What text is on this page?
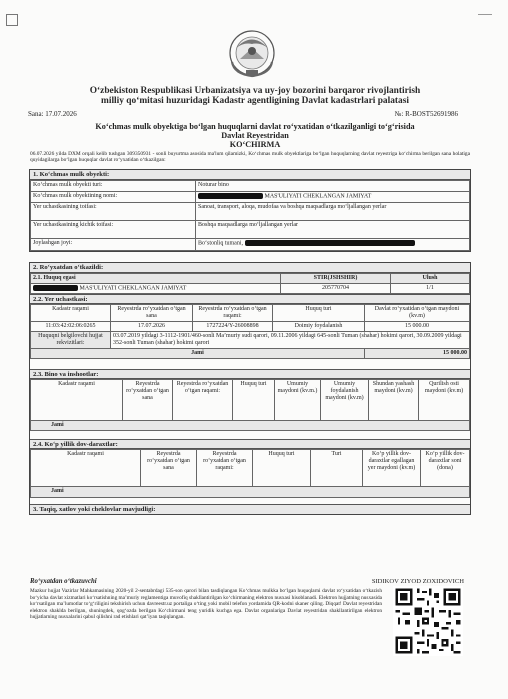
O‘zbekiston Respublikasi Urbanizatsiya va uy-joy bozorini barqaror rivojlantirish
milliy qo‘mitasi huzuridagi Kadastr agentligining Davlat kadastrlari palatasi
Sana: 17.07.2026	№: R-BOST52691986
Ko‘chmas mulk obyektiga bo‘lgan huquqlarni davlat ro‘yxatidan o‘tkazilganligi to‘g‘risida
Davlat Reyestridan
KO‘CHIRMA
06.07.2026 yilda DXM orqali kelib tushgan 309350931 - sonli buyurtma asosida ma'lum qilamizki, Ko‘chmas mulk obyektlariga bo‘lgan huquqlarning davlat reyestriga ko‘chirma berilgan sana holatiga quyidagilarga bo‘lgan huquqlar davlat ro‘yxatidan o‘tkazilgan:
1. Ko‘chmas mulk obyekti:
Ko‘chmas mulk obyekti turi:	Noturar bino
Ko‘chmas mulk obyektining nomi:	MAS'ULIYATI CHEKLANGAN JAMIYAT
Yer uchastkasining toifasi:	Sanoat, transport, aloqa, mudofaa va boshqa maqsadlarga mo‘ljallangan yerlar
Yer uchastkasining kichik toifasi:	Boshqa maqsadlarga mo‘ljallangan yerlar
Joylashgan joyi:	Bo‘stonliq tumani,
2. Ro‘yxatdan o‘tkazildi:
2.1. Huquq egasi	STIR(JSHSHIR)	Ulush
MAS'ULIYATI CHEKLANGAN JAMIYAT	205770704	1/1
2.2. Yer uchastkasi:
Kadastr raqami	Reyestrda ro‘yxatdan o‘tgan sana	Reyestrda ro‘yxatdan o‘tgan raqami:	Huquq turi	Davlat ro‘yxatidan o‘tgan maydoni (kv.m)
11:03:42:02:06:0265	17.07.2026	1727224/Y-26008898	Doimiy foydalanish	15 000.00
Huquqni belgilovchi hujjat rekvizitlari:	03.07.2019 yildagi 3-1112-1901/460-sonli Ma’muriy sudi qarori, 09.11.2006 yildagi 645-sonli Tuman (shahar) hokimi qarori, 30.09.2009 yildagi 352-sonli Tuman (shahar) hokimi qarori			
Jami				15 000.00
2.3. Bino va inshootlar:
Kadastr raqami	Reyestrda ro‘yxatdan o‘tgan sana	Reyestrda ro‘yxatdan o‘tgan raqami:	Huquq turi	Umumiy maydoni (kv.m.)	Umumiy foydalanish maydoni (kv.m)	Shundan yashash maydoni (kv.m)	Qurilish osti maydoni (kv.m)
Jami
2.4. Ko‘p yillik dov-daraxtlar:
Kadastr raqami	Reyestrda ro‘yxatdan o‘tgan sana	Reyestrda ro‘yxatdan o‘tgan raqami:	Huquq turi	Turi	Ko‘p yillik dov-daraxtlar egallagan yer maydoni (kv.m)	Ko‘p yillik dov-daraxtlar soni (dona)
Jami
3. Taqiq, xatlov yoki cheklovlar mavjudligi:
Ro‘yxatdan o‘tkazuvchi	SIDIKOV ZIYOD ZOXIDOVICH
Mazkur hujjat Vazirlar Mahkamasining 2020-yil 2-sentabrdagi 535-son qarori bilan tasdiqlangan Ko‘chmas mulkka bo‘lgan huquqlarni davlat ro‘yxatidan o‘tkazish bo‘yicha davlat xizmatlari ko‘rsatishning ma’muriy reglamentiga muvofiq shakllantirilgan ko‘chirmaning elektron nusxasi hisoblanadi. Elektron hujjatning nusxasida ko‘rsatilgan ma’lumotlar to‘g‘riligini tekshirish uchun davreestr.uz portaliga o‘ting yoki mobil telefon yordamida QR-kodni skaner qiling. Diqqat! Davlat reyestridan elektron shaklda berilgan, shuningdek, qog‘ozda berilgan Ko‘chirmani teng yuridik kuchga ega. Davlat organlariga Davlat reyestridan shakllantirilgan elektron hujjatlarning nusxalarini qabul qilishni rad etishlari qat’iyan taqiqlangan.
